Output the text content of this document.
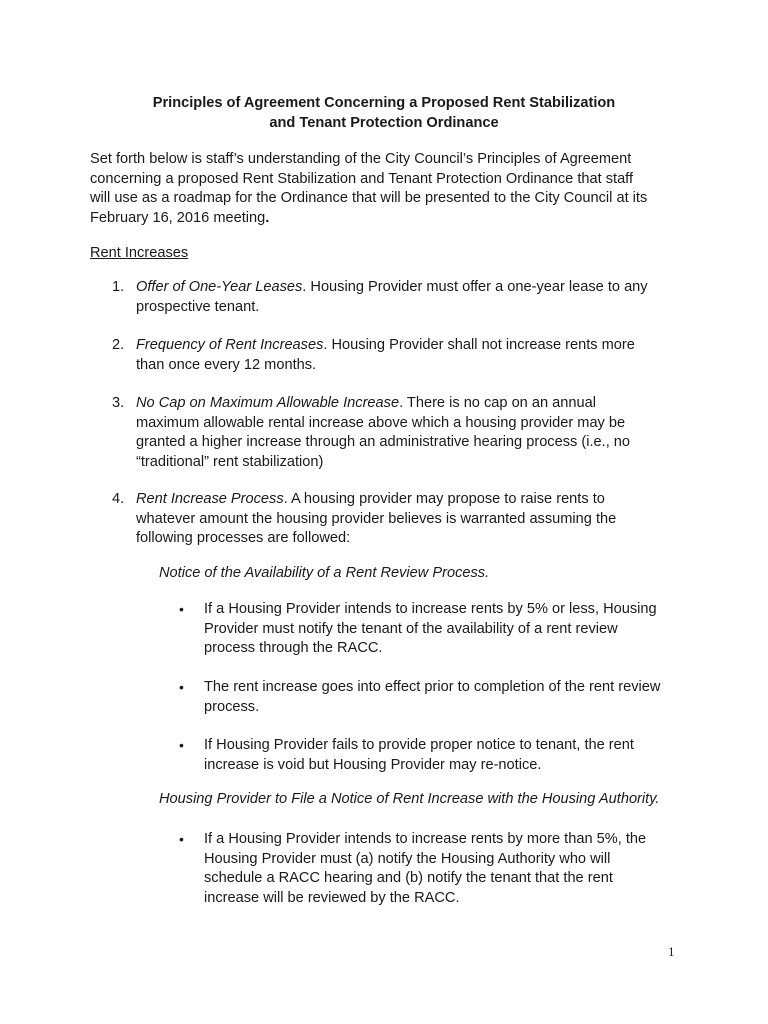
Principles of Agreement Concerning a Proposed Rent Stabilization
and Tenant Protection Ordinance
Set forth below is staff’s understanding of the City Council’s Principles of Agreement
concerning a proposed Rent Stabilization and Tenant Protection Ordinance that staff
will use as a roadmap for the Ordinance that will be presented to the City Council at its
February 16, 2016 meeting.
Rent Increases
1. Offer of One-Year Leases. Housing Provider must offer a one-year lease to any
prospective tenant.
2. Frequency of Rent Increases. Housing Provider shall not increase rents more
than once every 12 months.
3. No Cap on Maximum Allowable Increase. There is no cap on an annual
maximum allowable rental increase above which a housing provider may be
granted a higher increase through an administrative hearing process (i.e., no
“traditional” rent stabilization)
4. Rent Increase Process. A housing provider may propose to raise rents to
whatever amount the housing provider believes is warranted assuming the
following processes are followed:
Notice of the Availability of a Rent Review Process.
• If a Housing Provider intends to increase rents by 5% or less, Housing
Provider must notify the tenant of the availability of a rent review
process through the RACC.
• The rent increase goes into effect prior to completion of the rent review
process.
• If Housing Provider fails to provide proper notice to tenant, the rent
increase is void but Housing Provider may re-notice.
Housing Provider to File a Notice of Rent Increase with the Housing Authority.
• If a Housing Provider intends to increase rents by more than 5%, the
Housing Provider must (a) notify the Housing Authority who will
schedule a RACC hearing and (b) notify the tenant that the rent
increase will be reviewed by the RACC.
1
